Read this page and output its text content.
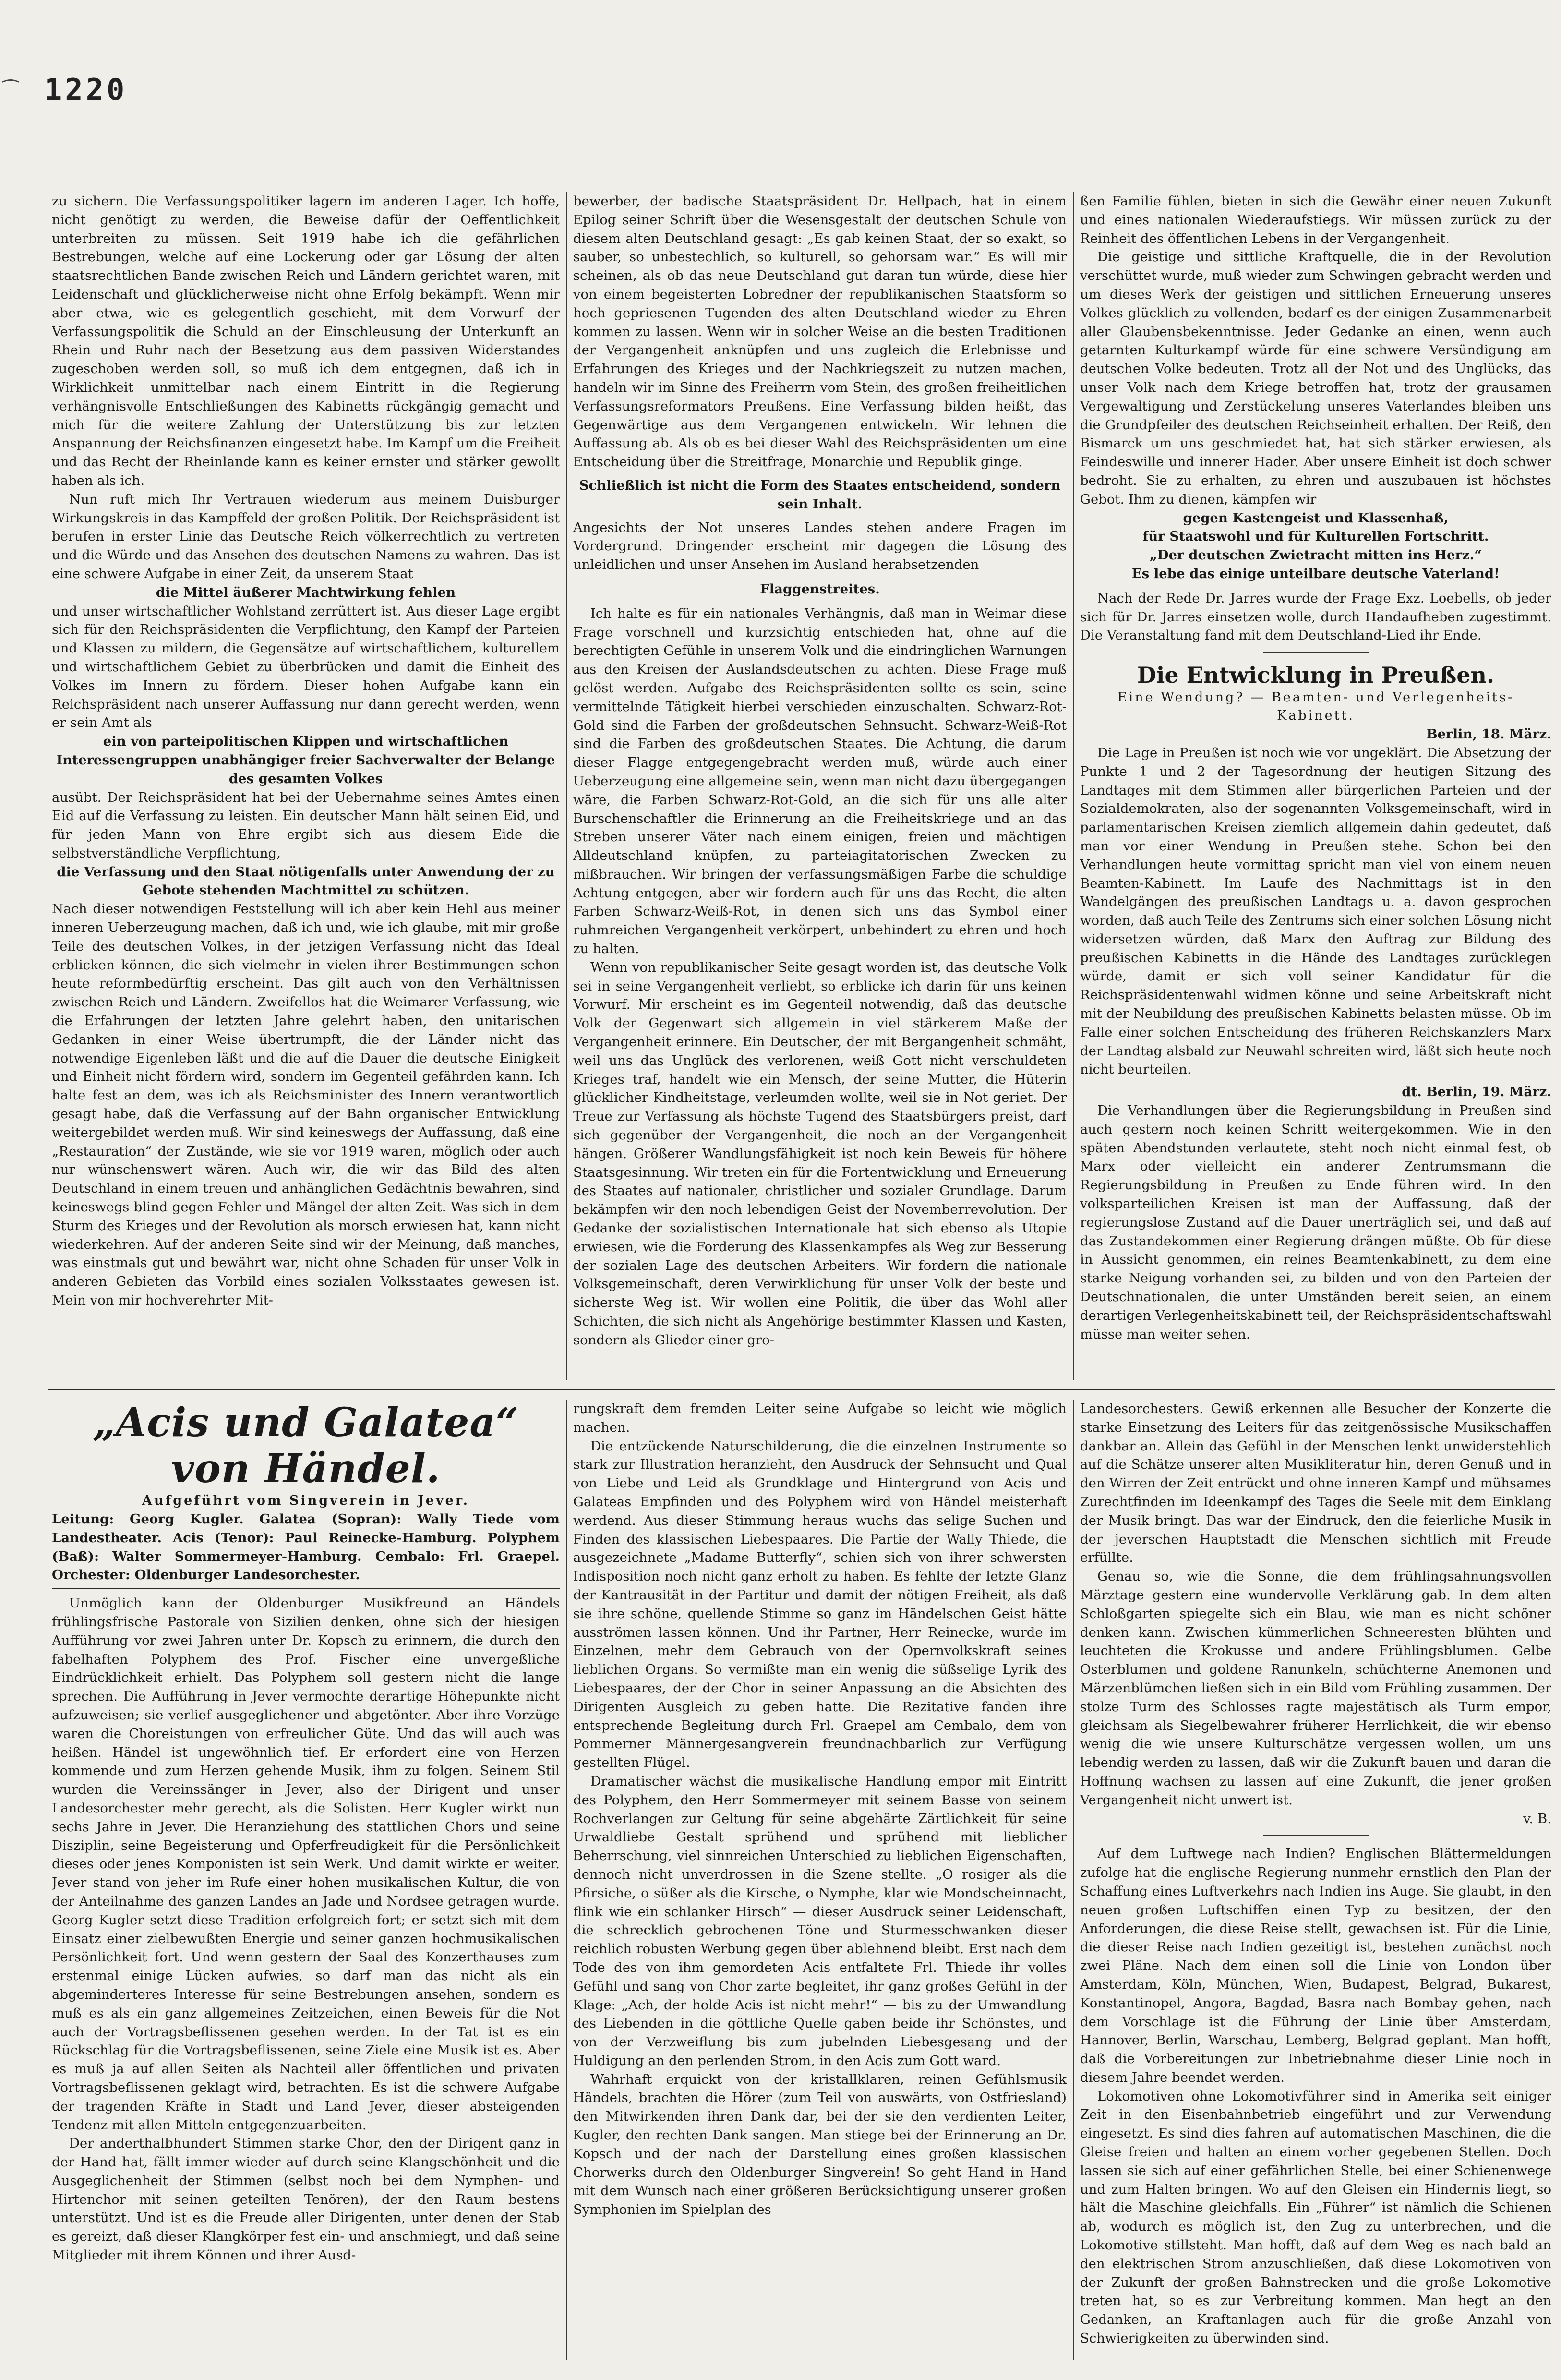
⁀ 1220

zu sichern. Die Verfassungspolitiker lagern im anderen Lager. Ich hoffe, nicht genötigt zu werden, die Beweise dafür der Oeffentlichkeit unterbreiten zu müssen. Seit 1919 habe ich die gefährlichen Bestrebungen, welche auf eine Lockerung oder gar Lösung der alten staatsrechtlichen Bande zwischen Reich und Ländern gerichtet waren, mit Leidenschaft und glücklicherweise nicht ohne Erfolg bekämpft. Wenn mir aber etwa, wie es gelegentlich geschieht, mit dem Vorwurf der Verfassungspolitik die Schuld an der Einschleusung der Unterkunft an Rhein und Ruhr nach der Besetzung aus dem passiven Widerstandes zugeschoben werden soll, so muß ich dem entgegnen, daß ich in Wirklichkeit unmittelbar nach einem Eintritt in die Regierung verhängnisvolle Entschließungen des Kabinetts rückgängig gemacht und mich für die weitere Zahlung der Unterstützung bis zur letzten Anspannung der Reichsfinanzen eingesetzt habe. Im Kampf um die Freiheit und das Recht der Rheinlande kann es keiner ernster und stärker gewollt haben als ich.

Nun ruft mich Ihr Vertrauen wiederum aus meinem Duisburger Wirkungskreis in das Kampffeld der großen Politik. Der Reichspräsident ist berufen in erster Linie das Deutsche Reich völkerrechtlich zu vertreten und die Würde und das Ansehen des deutschen Namens zu wahren. Das ist eine schwere Aufgabe in einer Zeit, da unserem Staat

die Mittel äußerer Machtwirkung fehlen

und unser wirtschaftlicher Wohlstand zerrüttert ist. Aus dieser Lage ergibt sich für den Reichspräsidenten die Verpflichtung, den Kampf der Parteien und Klassen zu mildern, die Gegensätze auf wirtschaftlichem, kulturellem und wirtschaftlichem Gebiet zu überbrücken und damit die Einheit des Volkes im Innern zu fördern. Dieser hohen Aufgabe kann ein Reichspräsident nach unserer Auffassung nur dann gerecht werden, wenn er sein Amt als

ein von parteipolitischen Klippen und wirtschaftlichen Interessengruppen unabhängiger freier Sachverwalter der Belange des gesamten Volkes

ausübt. Der Reichspräsident hat bei der Uebernahme seines Amtes einen Eid auf die Verfassung zu leisten. Ein deutscher Mann hält seinen Eid, und für jeden Mann von Ehre ergibt sich aus diesem Eide die selbstverständliche Verpflichtung,

die Verfassung und den Staat nötigenfalls unter Anwendung der zu Gebote stehenden Machtmittel zu schützen.

Nach dieser notwendigen Feststellung will ich aber kein Hehl aus meiner inneren Ueberzeugung machen, daß ich und, wie ich glaube, mit mir große Teile des deutschen Volkes, in der jetzigen Verfassung nicht das Ideal erblicken können, die sich vielmehr in vielen ihrer Bestimmungen schon heute reformbedürftig erscheint. Das gilt auch von den Verhältnissen zwischen Reich und Ländern. Zweifellos hat die Weimarer Verfassung, wie die Erfahrungen der letzten Jahre gelehrt haben, den unitarischen Gedanken in einer Weise übertrumpft, die der Länder nicht das notwendige Eigenleben läßt und die auf die Dauer die deutsche Einigkeit und Einheit nicht fördern wird, sondern im Gegenteil gefährden kann. Ich halte fest an dem, was ich als Reichsminister des Innern verantwortlich gesagt habe, daß die Verfassung auf der Bahn organischer Entwicklung weitergebildet werden muß. Wir sind keineswegs der Auffassung, daß eine „Restauration“ der Zustände, wie sie vor 1919 waren, möglich oder auch nur wünschenswert wären. Auch wir, die wir das Bild des alten Deutschland in einem treuen und anhänglichen Gedächtnis bewahren, sind keineswegs blind gegen Fehler und Mängel der alten Zeit. Was sich in dem Sturm des Krieges und der Revolution als morsch erwiesen hat, kann nicht wiederkehren. Auf der anderen Seite sind wir der Meinung, daß manches, was einstmals gut und bewährt war, nicht ohne Schaden für unser Volk in anderen Gebieten das Vorbild eines sozialen Volksstaates gewesen ist. Mein von mir hochverehrter Mit-

bewerber, der badische Staatspräsident Dr. Hellpach, hat in einem Epilog seiner Schrift über die Wesensgestalt der deutschen Schule von diesem alten Deutschland gesagt: „Es gab keinen Staat, der so exakt, so sauber, so unbestechlich, so kulturell, so gehorsam war.“ Es will mir scheinen, als ob das neue Deutschland gut daran tun würde, diese hier von einem begeisterten Lobredner der republikanischen Staatsform so hoch gepriesenen Tugenden des alten Deutschland wieder zu Ehren kommen zu lassen. Wenn wir in solcher Weise an die besten Traditionen der Vergangenheit anknüpfen und uns zugleich die Erlebnisse und Erfahrungen des Krieges und der Nachkriegszeit zu nutzen machen, handeln wir im Sinne des Freiherrn vom Stein, des großen freiheitlichen Verfassungsreformators Preußens. Eine Verfassung bilden heißt, das Gegenwärtige aus dem Vergangenen entwickeln. Wir lehnen die Auffassung ab. Als ob es bei dieser Wahl des Reichspräsidenten um eine Entscheidung über die Streitfrage, Monarchie und Republik ginge.

Schließlich ist nicht die Form des Staates entscheidend, sondern sein Inhalt.

Angesichts der Not unseres Landes stehen andere Fragen im Vordergrund. Dringender erscheint mir dagegen die Lösung des unleidlichen und unser Ansehen im Ausland herabsetzenden

Flaggenstreites.

Ich halte es für ein nationales Verhängnis, daß man in Weimar diese Frage vorschnell und kurzsichtig entschieden hat, ohne auf die berechtigten Gefühle in unserem Volk und die eindringlichen Warnungen aus den Kreisen der Auslandsdeutschen zu achten. Diese Frage muß gelöst werden. Aufgabe des Reichspräsidenten sollte es sein, seine vermittelnde Tätigkeit hierbei verschieden einzuschalten. Schwarz-Rot-Gold sind die Farben der großdeutschen Sehnsucht. Schwarz-Weiß-Rot sind die Farben des großdeutschen Staates. Die Achtung, die darum dieser Flagge entgegengebracht werden muß, würde auch einer Ueberzeugung eine allgemeine sein, wenn man nicht dazu übergegangen wäre, die Farben Schwarz-Rot-Gold, an die sich für uns alle alter Burschenschaftler die Erinnerung an die Freiheitskriege und an das Streben unserer Väter nach einem einigen, freien und mächtigen Alldeutschland knüpfen, zu parteiagitatorischen Zwecken zu mißbrauchen. Wir bringen der verfassungsmäßigen Farbe die schuldige Achtung entgegen, aber wir fordern auch für uns das Recht, die alten Farben Schwarz-Weiß-Rot, in denen sich uns das Symbol einer ruhmreichen Vergangenheit verkörpert, unbehindert zu ehren und hoch zu halten.

Wenn von republikanischer Seite gesagt worden ist, das deutsche Volk sei in seine Vergangenheit verliebt, so erblicke ich darin für uns keinen Vorwurf. Mir erscheint es im Gegenteil notwendig, daß das deutsche Volk der Gegenwart sich allgemein in viel stärkerem Maße der Vergangenheit erinnere. Ein Deutscher, der mit Bergangenheit schmäht, weil uns das Unglück des verlorenen, weiß Gott nicht verschuldeten Krieges traf, handelt wie ein Mensch, der seine Mutter, die Hüterin glücklicher Kindheitstage, verleumden wollte, weil sie in Not geriet. Der Treue zur Verfassung als höchste Tugend des Staatsbürgers preist, darf sich gegenüber der Vergangenheit, die noch an der Vergangenheit hängen. Größerer Wandlungsfähigkeit ist noch kein Beweis für höhere Staatsgesinnung. Wir treten ein für die Fortentwicklung und Erneuerung des Staates auf nationaler, christlicher und sozialer Grundlage. Darum bekämpfen wir den noch lebendigen Geist der Novemberrevolution. Der Gedanke der sozialistischen Internationale hat sich ebenso als Utopie erwiesen, wie die Forderung des Klassenkampfes als Weg zur Besserung der sozialen Lage des deutschen Arbeiters. Wir fordern die nationale Volksgemeinschaft, deren Verwirklichung für unser Volk der beste und sicherste Weg ist. Wir wollen eine Politik, die über das Wohl aller Schichten, die sich nicht als Angehörige bestimmter Klassen und Kasten, sondern als Glieder einer gro-

ßen Familie fühlen, bieten in sich die Gewähr einer neuen Zukunft und eines nationalen Wiederaufstiegs. Wir müssen zurück zu der Reinheit des öffentlichen Lebens in der Vergangenheit.

Die geistige und sittliche Kraftquelle, die in der Revolution verschüttet wurde, muß wieder zum Schwingen gebracht werden und um dieses Werk der geistigen und sittlichen Erneuerung unseres Volkes glücklich zu vollenden, bedarf es der einigen Zusammenarbeit aller Glaubensbekenntnisse. Jeder Gedanke an einen, wenn auch getarnten Kulturkampf würde für eine schwere Versündigung am deutschen Volke bedeuten. Trotz all der Not und des Unglücks, das unser Volk nach dem Kriege betroffen hat, trotz der grausamen Vergewaltigung und Zerstückelung unseres Vaterlandes bleiben uns die Grundpfeiler des deutschen Reichseinheit erhalten. Der Reiß, den Bismarck um uns geschmiedet hat, hat sich stärker erwiesen, als Feindeswille und innerer Hader. Aber unsere Einheit ist doch schwer bedroht. Sie zu erhalten, zu ehren und auszubauen ist höchstes Gebot. Ihm zu dienen, kämpfen wir

gegen Kastengeist und Klassenhaß,

für Staatswohl und für Kulturellen Fortschritt.

„Der deutschen Zwietracht mitten ins Herz.“

Es lebe das einige unteilbare deutsche Vaterland!

Nach der Rede Dr. Jarres wurde der Frage Exz. Loebells, ob jeder sich für Dr. Jarres einsetzen wolle, durch Handaufheben zugestimmt. Die Veranstaltung fand mit dem Deutschland-Lied ihr Ende.

Die Entwicklung in Preußen.
Eine Wendung? — Beamten- und Verlegenheits-Kabinett.

Berlin, 18. März.

Die Lage in Preußen ist noch wie vor ungeklärt. Die Absetzung der Punkte 1 und 2 der Tagesordnung der heutigen Sitzung des Landtages mit dem Stimmen aller bürgerlichen Parteien und der Sozialdemokraten, also der sogenannten Volksgemeinschaft, wird in parlamentarischen Kreisen ziemlich allgemein dahin gedeutet, daß man vor einer Wendung in Preußen stehe. Schon bei den Verhandlungen heute vormittag spricht man viel von einem neuen Beamten-Kabinett. Im Laufe des Nachmittags ist in den Wandelgängen des preußischen Landtags u. a. davon gesprochen worden, daß auch Teile des Zentrums sich einer solchen Lösung nicht widersetzen würden, daß Marx den Auftrag zur Bildung des preußischen Kabinetts in die Hände des Landtages zurücklegen würde, damit er sich voll seiner Kandidatur für die Reichspräsidentenwahl widmen könne und seine Arbeitskraft nicht mit der Neubildung des preußischen Kabinetts belasten müsse. Ob im Falle einer solchen Entscheidung des früheren Reichskanzlers Marx der Landtag alsbald zur Neuwahl schreiten wird, läßt sich heute noch nicht beurteilen.

dt. Berlin, 19. März.

Die Verhandlungen über die Regierungsbildung in Preußen sind auch gestern noch keinen Schritt weitergekommen. Wie in den späten Abendstunden verlautete, steht noch nicht einmal fest, ob Marx oder vielleicht ein anderer Zentrumsmann die Regierungsbildung in Preußen zu Ende führen wird. In den volksparteilichen Kreisen ist man der Auffassung, daß der regierungslose Zustand auf die Dauer unerträglich sei, und daß auf das Zustandekommen einer Regierung drängen müßte. Ob für diese in Aussicht genommen, ein reines Beamtenkabinett, zu dem eine starke Neigung vorhanden sei, zu bilden und von den Parteien der Deutschnationalen, die unter Umständen bereit seien, an einem derartigen Verlegenheitskabinett teil, der Reichspräsidentschaftswahl müsse man weiter sehen.

„Acis und Galatea“ von Händel.
Aufgeführt vom Singverein in Jever.

Leitung: Georg Kugler. Galatea (Sopran): Wally Tiede vom Landestheater. Acis (Tenor): Paul Reinecke-Hamburg. Polyphem (Baß): Walter Sommermeyer-Hamburg. Cembalo: Frl. Graepel. Orchester: Oldenburger Landesorchester.

Unmöglich kann der Oldenburger Musikfreund an Händels frühlingsfrische Pastorale von Sizilien denken, ohne sich der hiesigen Aufführung vor zwei Jahren unter Dr. Kopsch zu erinnern, die durch den fabelhaften Polyphem des Prof. Fischer eine unvergeßliche Eindrücklichkeit erhielt. Das Polyphem soll gestern nicht die lange sprechen. Die Aufführung in Jever vermochte derartige Höhepunkte nicht aufzuweisen; sie verlief ausgeglichener und abgetönter. Aber ihre Vorzüge waren die Choreistungen von erfreulicher Güte. Und das will auch was heißen. Händel ist ungewöhnlich tief. Er erfordert eine von Herzen kommende und zum Herzen gehende Musik, ihm zu folgen. Seinem Stil wurden die Vereinssänger in Jever, also der Dirigent und unser Landesorchester mehr gerecht, als die Solisten. Herr Kugler wirkt nun sechs Jahre in Jever. Die Heranziehung des stattlichen Chors und seine Disziplin, seine Begeisterung und Opferfreudigkeit für die Persönlichkeit dieses oder jenes Komponisten ist sein Werk. Und damit wirkte er weiter. Jever stand von jeher im Rufe einer hohen musikalischen Kultur, die von der Anteilnahme des ganzen Landes an Jade und Nordsee getragen wurde. Georg Kugler setzt diese Tradition erfolgreich fort; er setzt sich mit dem Einsatz einer zielbewußten Energie und seiner ganzen hochmusikalischen Persönlichkeit fort. Und wenn gestern der Saal des Konzerthauses zum erstenmal einige Lücken aufwies, so darf man das nicht als ein abgeminderteres Interesse für seine Bestrebungen ansehen, sondern es muß es als ein ganz allgemeines Zeitzeichen, einen Beweis für die Not auch der Vortragsbeflissenen gesehen werden. In der Tat ist es ein Rückschlag für die Vortragsbeflissenen, seine Ziele eine Musik ist es. Aber es muß ja auf allen Seiten als Nachteil aller öffentlichen und privaten Vortragsbeflissenen geklagt wird, betrachten. Es ist die schwere Aufgabe der tragenden Kräfte in Stadt und Land Jever, dieser absteigenden Tendenz mit allen Mitteln entgegenzuarbeiten.

Der anderthalbhundert Stimmen starke Chor, den der Dirigent ganz in der Hand hat, fällt immer wieder auf durch seine Klangschönheit und die Ausgeglichenheit der Stimmen (selbst noch bei dem Nymphen- und Hirtenchor mit seinen geteilten Tenören), der den Raum bestens unterstützt. Und ist es die Freude aller Dirigenten, unter denen der Stab es gereizt, daß dieser Klangkörper fest ein- und anschmiegt, und daß seine Mitglieder mit ihrem Können und ihrer Ausd-

rungskraft dem fremden Leiter seine Aufgabe so leicht wie möglich machen.

Die entzückende Naturschilderung, die die einzelnen Instrumente so stark zur Illustration heranzieht, den Ausdruck der Sehnsucht und Qual von Liebe und Leid als Grundklage und Hintergrund von Acis und Galateas Empfinden und des Polyphem wird von Händel meisterhaft werdend. Aus dieser Stimmung heraus wuchs das selige Suchen und Finden des klassischen Liebespaares. Die Partie der Wally Thiede, die ausgezeichnete „Madame Butterfly“, schien sich von ihrer schwersten Indisposition noch nicht ganz erholt zu haben. Es fehlte der letzte Glanz der Kantrausität in der Partitur und damit der nötigen Freiheit, als daß sie ihre schöne, quellende Stimme so ganz im Händelschen Geist hätte ausströmen lassen können. Und ihr Partner, Herr Reinecke, wurde im Einzelnen, mehr dem Gebrauch von der Opernvolkskraft seines lieblichen Organs. So vermißte man ein wenig die süßselige Lyrik des Liebespaares, der der Chor in seiner Anpassung an die Absichten des Dirigenten Ausgleich zu geben hatte. Die Rezitative fanden ihre entsprechende Begleitung durch Frl. Graepel am Cembalo, dem von Pommerner Männergesangverein freundnachbarlich zur Verfügung gestellten Flügel.

Dramatischer wächst die musikalische Handlung empor mit Eintritt des Polyphem, den Herr Sommermeyer mit seinem Basse von seinem Rochverlangen zur Geltung für seine abgehärte Zärtlichkeit für seine Urwaldliebe Gestalt sprühend und sprühend mit lieblicher Beherrschung, viel sinnreichen Unterschied zu lieblichen Eigenschaften, dennoch nicht unverdrossen in die Szene stellte. „O rosiger als die Pfirsiche, o süßer als die Kirsche, o Nymphe, klar wie Mondscheinnacht, flink wie ein schlanker Hirsch“ — dieser Ausdruck seiner Leidenschaft, die schrecklich gebrochenen Töne und Sturmesschwanken dieser reichlich robusten Werbung gegen über ablehnend bleibt. Erst nach dem Tode des von ihm gemordeten Acis entfaltete Frl. Thiede ihr volles Gefühl und sang von Chor zarte begleitet, ihr ganz großes Gefühl in der Klage: „Ach, der holde Acis ist nicht mehr!“ — bis zu der Umwandlung des Liebenden in die göttliche Quelle gaben beide ihr Schönstes, und von der Verzweiflung bis zum jubelnden Liebesgesang und der Huldigung an den perlenden Strom, in den Acis zum Gott ward.

Wahrhaft erquickt von der kristallklaren, reinen Gefühlsmusik Händels, brachten die Hörer (zum Teil von auswärts, von Ostfriesland) den Mitwirkenden ihren Dank dar, bei der sie den verdienten Leiter, Kugler, den rechten Dank sangen. Man stiege bei der Erinnerung an Dr. Kopsch und der nach der Darstellung eines großen klassischen Chorwerks durch den Oldenburger Singverein! So geht Hand in Hand mit dem Wunsch nach einer größeren Berücksichtigung unserer großen Symphonien im Spielplan des

Landesorchesters. Gewiß erkennen alle Besucher der Konzerte die starke Einsetzung des Leiters für das zeitgenössische Musikschaffen dankbar an. Allein das Gefühl in der Menschen lenkt unwiderstehlich auf die Schätze unserer alten Musikliteratur hin, deren Genuß und in den Wirren der Zeit entrückt und ohne inneren Kampf und mühsames Zurechtfinden im Ideenkampf des Tages die Seele mit dem Einklang der Musik bringt. Das war der Eindruck, den die feierliche Musik in der jeverschen Hauptstadt die Menschen sichtlich mit Freude erfüllte.

Genau so, wie die Sonne, die dem frühlingsahnungsvollen Märztage gestern eine wundervolle Verklärung gab. In dem alten Schloßgarten spiegelte sich ein Blau, wie man es nicht schöner denken kann. Zwischen kümmerlichen Schneeresten blühten und leuchteten die Krokusse und andere Frühlingsblumen. Gelbe Osterblumen und goldene Ranunkeln, schüchterne Anemonen und Märzenblümchen ließen sich in ein Bild vom Frühling zusammen. Der stolze Turm des Schlosses ragte majestätisch als Turm empor, gleichsam als Siegelbewahrer früherer Herrlichkeit, die wir ebenso wenig die wie unsere Kulturschätze vergessen wollen, um uns lebendig werden zu lassen, daß wir die Zukunft bauen und daran die Hoffnung wachsen zu lassen auf eine Zukunft, die jener großen Vergangenheit nicht unwert ist.

v. B.

Auf dem Luftwege nach Indien? Englischen Blättermeldungen zufolge hat die englische Regierung nunmehr ernstlich den Plan der Schaffung eines Luftverkehrs nach Indien ins Auge. Sie glaubt, in den neuen großen Luftschiffen einen Typ zu besitzen, der den Anforderungen, die diese Reise stellt, gewachsen ist. Für die Linie, die dieser Reise nach Indien gezeitigt ist, bestehen zunächst noch zwei Pläne. Nach dem einen soll die Linie von London über Amsterdam, Köln, München, Wien, Budapest, Belgrad, Bukarest, Konstantinopel, Angora, Bagdad, Basra nach Bombay gehen, nach dem Vorschlage ist die Führung der Linie über Amsterdam, Hannover, Berlin, Warschau, Lemberg, Belgrad geplant. Man hofft, daß die Vorbereitungen zur Inbetriebnahme dieser Linie noch in diesem Jahre beendet werden.

Lokomotiven ohne Lokomotivführer sind in Amerika seit einiger Zeit in den Eisenbahnbetrieb eingeführt und zur Verwendung eingesetzt. Es sind dies fahren auf automatischen Maschinen, die die Gleise freien und halten an einem vorher gegebenen Stellen. Doch lassen sie sich auf einer gefährlichen Stelle, bei einer Schienenwege und zum Halten bringen. Wo auf den Gleisen ein Hindernis liegt, so hält die Maschine gleichfalls. Ein „Führer“ ist nämlich die Schienen ab, wodurch es möglich ist, den Zug zu unterbrechen, und die Lokomotive stillsteht. Man hofft, daß auf dem Weg es nach bald an den elektrischen Strom anzuschließen, daß diese Lokomotiven von der Zukunft der großen Bahnstrecken und die große Lokomotive treten hat, so es zur Verbreitung kommen. Man hegt an den Gedanken, an Kraftanlagen auch für die große Anzahl von Schwierigkeiten zu überwinden sind.
